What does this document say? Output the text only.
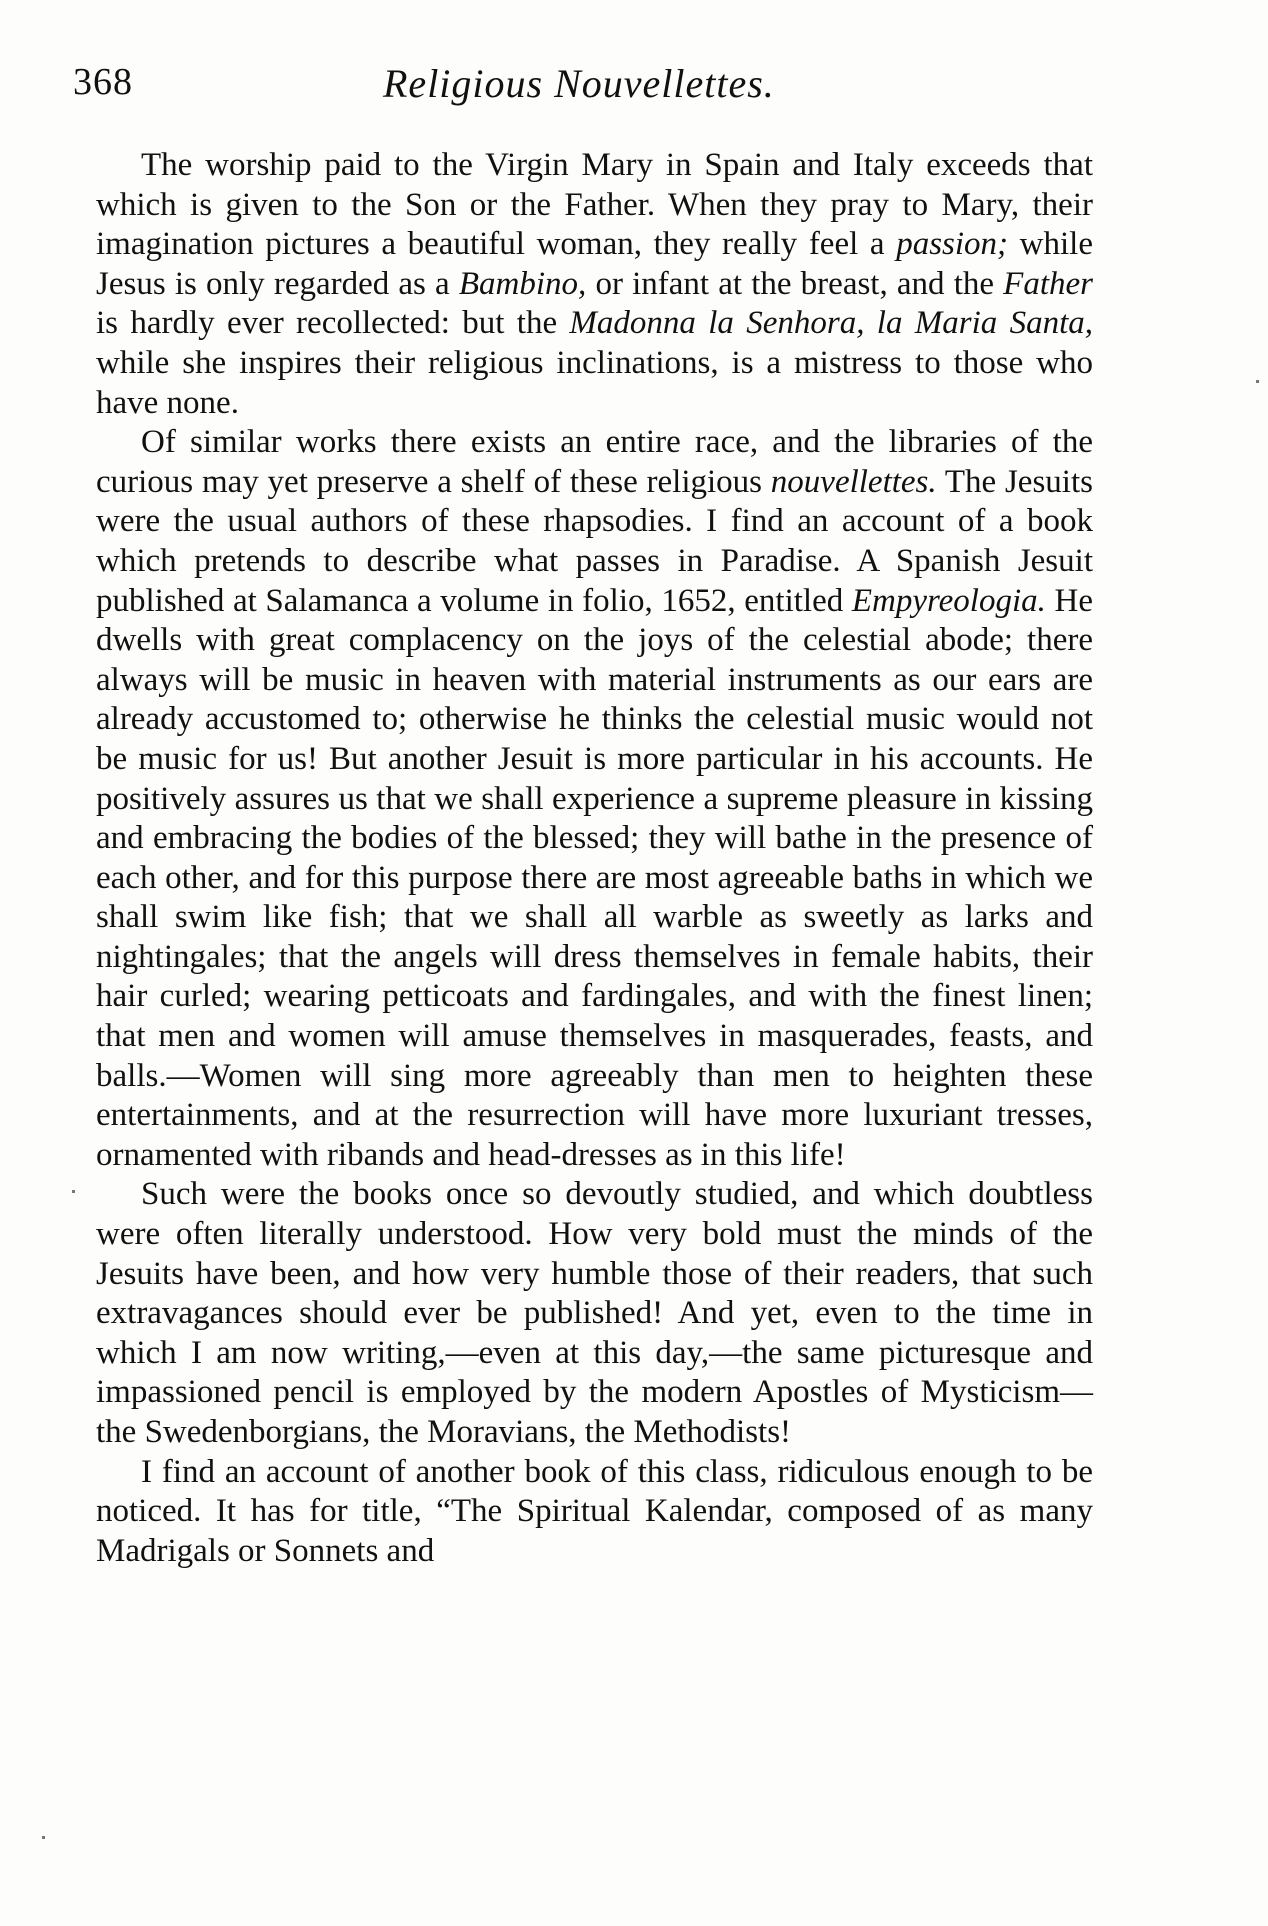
368	Religious Nouvellettes.

The worship paid to the Virgin Mary in Spain and Italy exceeds that which is given to the Son or the Father. When they pray to Mary, their imagination pictures a beautiful woman, they really feel a passion; while Jesus is only regarded as a Bambino, or infant at the breast, and the Father is hardly ever recollected: but the Madonna la Senhora, la Maria Santa, while she inspires their religious inclinations, is a mistress to those who have none.

Of similar works there exists an entire race, and the libraries of the curious may yet preserve a shelf of these religious nouvellettes. The Jesuits were the usual authors of these rhapsodies. I find an account of a book which pretends to describe what passes in Paradise. A Spanish Jesuit published at Salamanca a volume in folio, 1652, entitled Empyreologia. He dwells with great complacency on the joys of the celestial abode; there always will be music in heaven with material instruments as our ears are already accustomed to; otherwise he thinks the celestial music would not be music for us! But another Jesuit is more particular in his accounts. He positively assures us that we shall experience a supreme pleasure in kissing and embracing the bodies of the blessed; they will bathe in the presence of each other, and for this purpose there are most agreeable baths in which we shall swim like fish; that we shall all warble as sweetly as larks and nightingales; that the angels will dress themselves in female habits, their hair curled; wearing petticoats and fardingales, and with the finest linen; that men and women will amuse themselves in masquerades, feasts, and balls.—Women will sing more agreeably than men to heighten these entertainments, and at the resurrection will have more luxuriant tresses, ornamented with ribands and head-dresses as in this life!

Such were the books once so devoutly studied, and which doubtless were often literally understood. How very bold must the minds of the Jesuits have been, and how very humble those of their readers, that such extravagances should ever be published! And yet, even to the time in which I am now writing,—even at this day,—the same picturesque and impassioned pencil is employed by the modern Apostles of Mysticism—the Swedenborgians, the Moravians, the Methodists!

I find an account of another book of this class, ridiculous enough to be noticed. It has for title, “The Spiritual Kalendar, composed of as many Madrigals or Sonnets and
